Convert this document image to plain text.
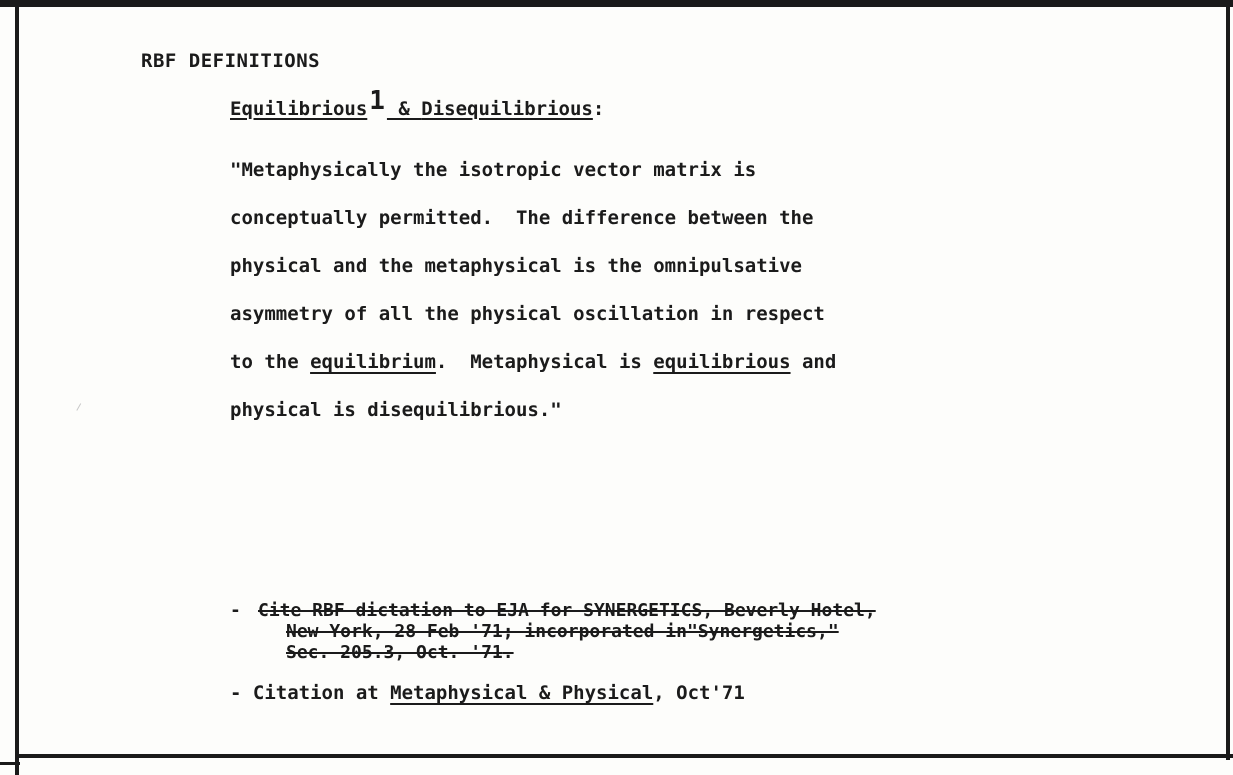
RBF DEFINITIONS
Equilibrious1 & Disequilibrious:
"Metaphysically the isotropic vector matrix is
conceptually permitted.  The difference between the
physical and the metaphysical is the omnipulsative
asymmetry of all the physical oscillation in respect
to the equilibrium.  Metaphysical is equilibrious and
physical is disequilibrious."
- Cite RBF dictation to EJA for SYNERGETICS, Beverly Hotel,
New York, 28 Feb '71; incorporated in"Synergetics,"
Sec. 205.3, Oct. '71.
- Citation at Metaphysical & Physical, Oct'71
